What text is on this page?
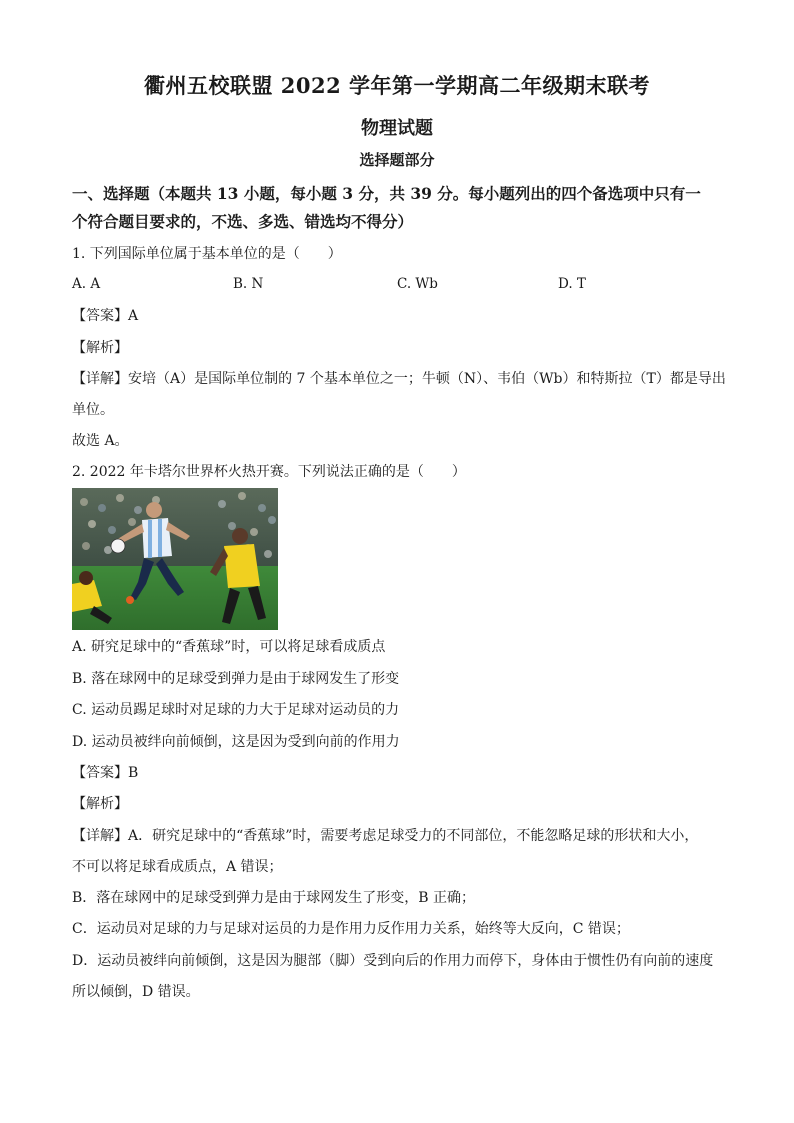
衢州五校联盟 2022 学年第一学期高二年级期末联考
物理试题
选择题部分
一、选择题（本题共 13 小题，每小题 3 分，共 39 分。每小题列出的四个备选项中只有一
个符合题目要求的，不选、多选、错选均不得分）
1. 下列国际单位属于基本单位的是（　　）
A. A	B. N	C. Wb	D. T
【答案】A
【解析】
【详解】安培（A）是国际单位制的 7 个基本单位之一；牛顿（N）、韦伯（Wb）和特斯拉（T）都是导出
单位。
故选 A。
2. 2022 年卡塔尔世界杯火热开赛。下列说法正确的是（　　）
A. 研究足球中的“香蕉球”时，可以将足球看成质点
B. 落在球网中的足球受到弹力是由于球网发生了形变
C. 运动员踢足球时对足球的力大于足球对运动员的力
D. 运动员被绊向前倾倒，这是因为受到向前的作用力
【答案】B
【解析】
【详解】A．研究足球中的“香蕉球”时，需要考虑足球受力的不同部位，不能忽略足球的形状和大小，
不可以将足球看成质点，A 错误；
B．落在球网中的足球受到弹力是由于球网发生了形变，B 正确；
C．运动员对足球的力与足球对运员的力是作用力反作用力关系，始终等大反向，C 错误；
D．运动员被绊向前倾倒，这是因为腿部（脚）受到向后的作用力而停下，身体由于惯性仍有向前的速度
所以倾倒，D 错误。
